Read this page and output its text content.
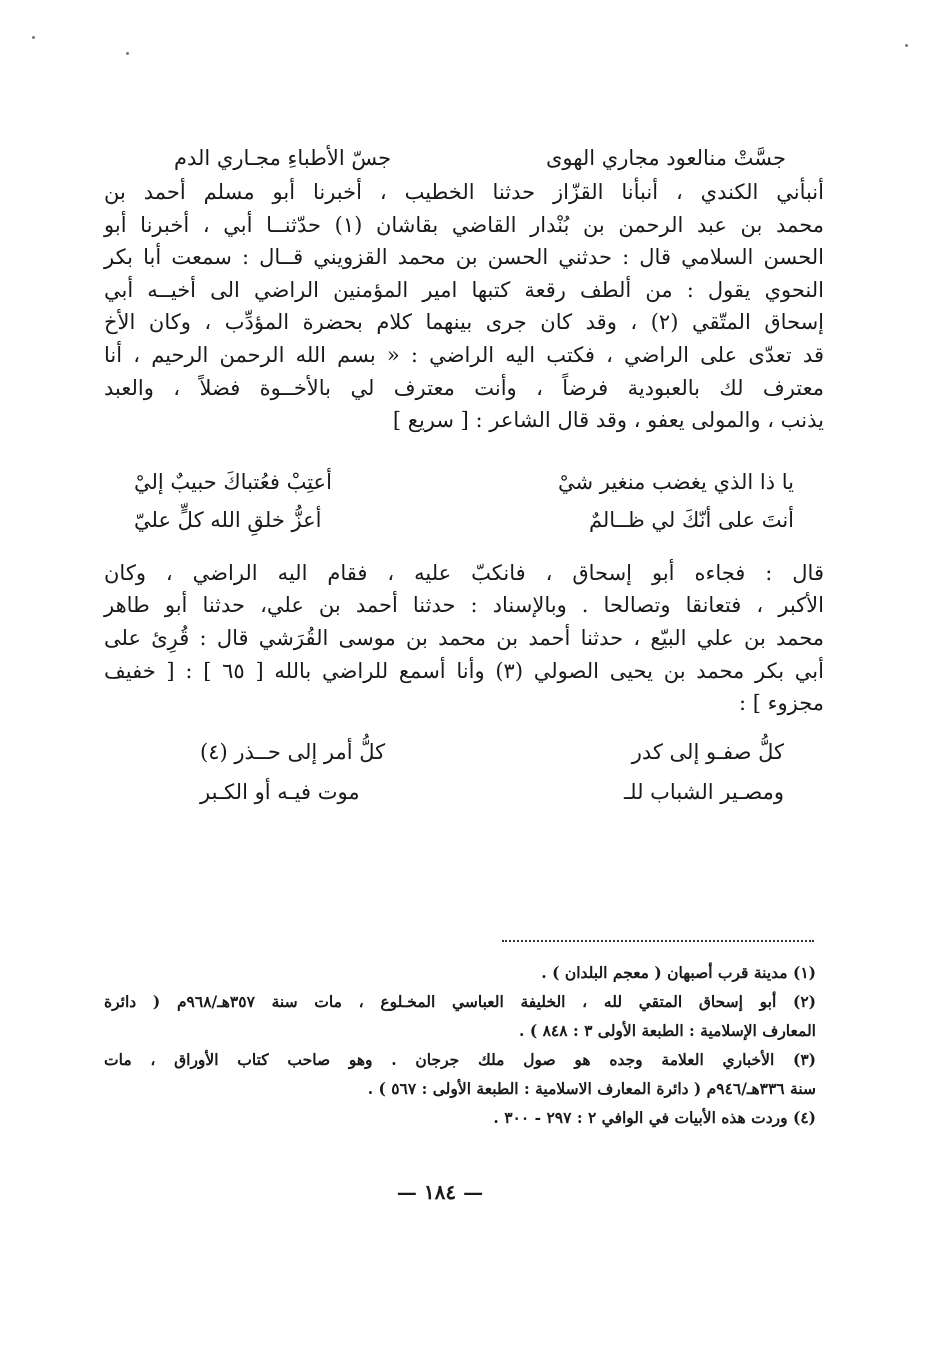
جسَّتْ منالعود مجاري الهوى
جسّ الأطباءِ مجـاري الدم

أنبأني الكندي ، أنبأنا القزّاز حدثنا الخطيب ، أخبرنا أبو مسلم أحمد بن
محمد بن عبد الرحمن بن بُنْدار القاضي بقاشان (١) حدّثنــا أبي ، أخبرنا أبو
الحسن السلامي قال : حدثني الحسن بن محمد القزويني قــال : سمعت أبا بكر
النحوي يقول : من ألطف رقعة كتبها امير المؤمنين الراضي الى أخيــه أبي
إسحاق المتّقي (٢) ، وقد كان جرى بينهما كلام بحضرة المؤدِّب ، وكان الأخ
قد تعدّى على الراضي ، فكتب اليه الراضي : « بسم الله الرحمن الرحيم ، أنا
معترف لك بالعبودية فرضاً ، وأنت معترف لي بالأخــوة فضلاً ، والعبد
يذنب ، والمولى يعفو ، وقد قال الشاعر : [ سريع ]

يا ذا الذي يغضب منغير شيْ
أعتِبْ فعُتباكَ حبيبٌ إليْ
أنتَ على أنّكَ لي ظــالمٌ
أعزُّ خلقِ الله كلٍّ عليّ

قال : فجاءه أبو إسحاق ، فانكبّ عليه ، فقام اليه الراضي ، وكان
الأكبر ، فتعانقا وتصالحا . وبالإسناد : حدثنا أحمد بن علي، حدثنا أبو طاهر
محمد بن علي البيّع ، حدثنا أحمد بن محمد بن موسى القُرَشي قال : قُرِئ على
أبي بكر محمد بن يحيى الصولي (٣) وأنا أسمع للراضي بالله [ ٦٥ ] : [ خفيف
مجزوء ] :

كلُّ صفـو إلى كدر
كلُّ أمر إلى حــذر (٤)
ومصـير الشباب للـ
موت فيـه أو الكـبر
(١) مدينة قرب أصبهان ( معجم البلدان ) .
(٢) أبو إسحاق المتقي لله ، الخليفة العباسي المخـلوع ، مات سنة ٣٥٧هـ/٩٦٨م ( دائرة
المعارف الإسلامية : الطبعة الأولى ٣ : ٨٤٨ ) .
(٣) الأخباري العلامة وجده هو صول ملك جرجان . وهو صاحب كتاب الأوراق ، مات
سنة ٣٣٦هـ/٩٤٦م ( دائرة المعارف الاسلامية : الطبعة الأولى : ٥٦٧ ) .
(٤) وردت هذه الأبيات في الوافي ٢ : ٢٩٧ - ٣٠٠ .
— ١٨٤ —
